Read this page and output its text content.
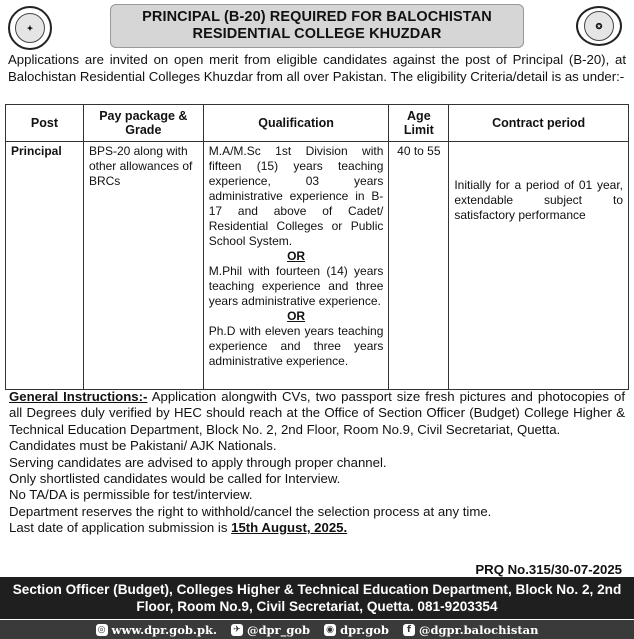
✦
PRINCIPAL (B-20) REQUIRED FOR BALOCHISTAN
RESIDENTIAL COLLEGE KHUZDAR	✪
Applications are invited on open merit from eligible candidates against the post of Principal (B-20), at Balochistan Residential Colleges Khuzdar from all over Pakistan. The eligibility Criteria/detail is as under:-
Post	Pay package & Grade	Qualification	Age Limit	Contract period
Principal	BPS-20 along with other allowances of BRCs	M.A/M.Sc 1st Division with fifteen (15) years teaching experience, 03 years administrative experience in B-17 and above of Cadet/ Residential Colleges or Public School System.

OR

M.Phil with fourteen (14) years teaching experience and three years administrative experience.

OR

Ph.D with eleven years teaching experience and three years administrative experience.	40 to 55	Initially for a period of 01 year, extendable subject to satisfactory performance

General Instructions:- Application alongwith CVs, two passport size fresh pictures and photocopies of all Degrees duly verified by HEC should reach at the Office of Section Officer (Budget) College Higher & Technical Education Department, Block No. 2, 2nd Floor, Room No.9, Civil Secretariat, Quetta.

Candidates must be Pakistani/ AJK Nationals.

Serving candidates are advised to apply through proper channel.

Only shortlisted candidates would be called for Interview.

No TA/DA is permissible for test/interview.

Department reserves the right to withhold/cancel the selection process at any time.

Last date of application submission is 15th August, 2025.

PRQ No.315/30-07-2025
Section Officer (Budget), Colleges Higher & Technical Education Department, Block No. 2, 2nd
Floor, Room No.9, Civil Secretariat, Quetta. 081-9203354
◎ www.dpr.gob.pk. ✈ @dpr_gob ◉ dpr.gob	f @dgpr.balochistan
